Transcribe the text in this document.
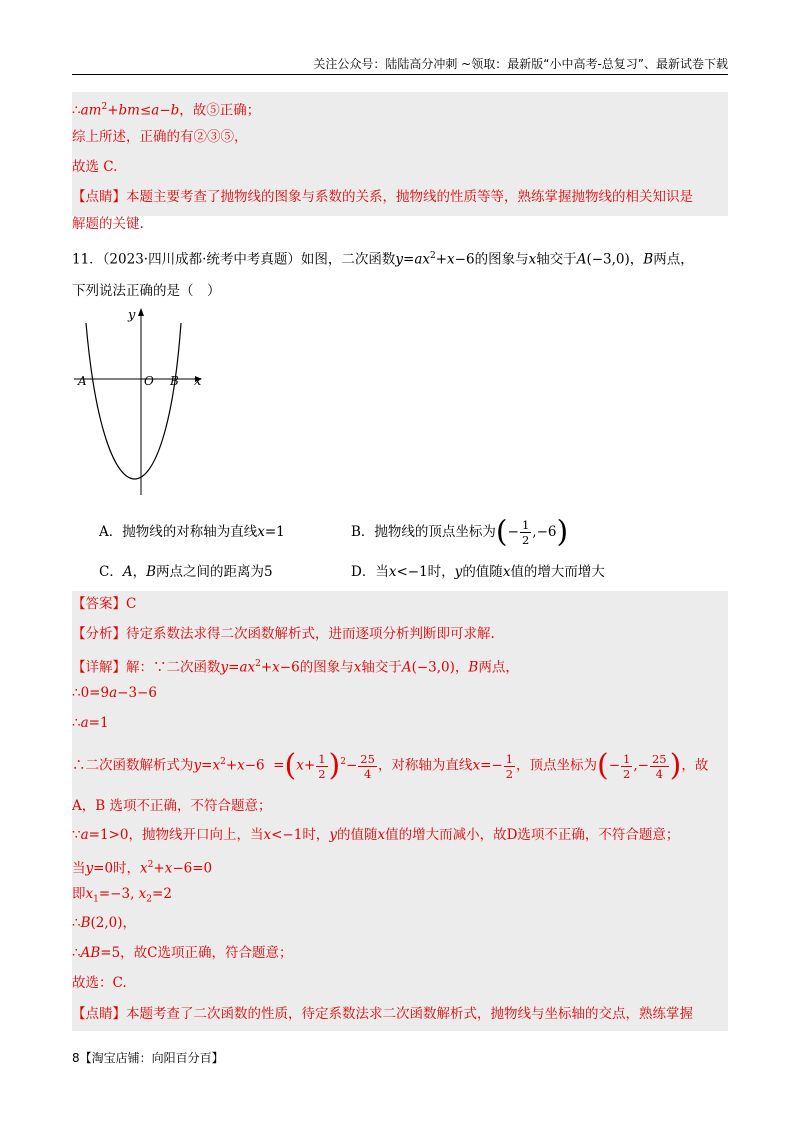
关注公众号：陆陆高分冲刺 ~领取：最新版“小中高考-总复习”、最新试卷下载
$\therefore am^2+bm\le a-b$，故⑤正确；
综上所述，正确的有②③⑤，
故选 C.
【点睛】本题主要考查了抛物线的图象与系数的关系，抛物线的性质等等，熟练掌握抛物线的相关知识是
解题的关键.
11．（2023·四川成都·统考中考真题）如图，二次函数$y=ax^2+x-6$的图象与x轴交于A(−3,0)，B两点，
下列说法正确的是（　）
y
x
A	O B
A．抛物线的对称轴为直线x=1	B．抛物线的顶点坐标为(− $\frac{1}{2} ,-6$)
C．A，B两点之间的距离为5	D．当x<−1时，y的值随x值的增大而增大
【答案】C
【分析】待定系数法求得二次函数解析式，进而逐项分析判断即可求解.
【详解】解：∵二次函数$y=ax^2+x-6$的图象与x轴交于A(−3,0)，B两点，
∴0=9a−3−6
∴a=1
∴二次函数解析式为$y=x^2+x-6 =(x+ \frac{1}{2} )^2- \frac{25}{4}$ ，对称轴为直线$x=- \frac{1}{2}$ ，顶点坐标为(− $\frac{1}{2}$ ,− $\frac{25}{4}$ )，故
A，B 选项不正确，不符合题意；
∵a=1>0，抛物线开口向上，当x<−1时，y的值随x值的增大而减小，故D选项不正确，不符合题意；
当y=0时，$x^2+x-6=0$
即$x_1=-3$, $x_2=2$
∴B(2,0)，
∴AB=5，故C选项正确，符合题意；
故选：C.
【点睛】本题考查了二次函数的性质，待定系数法求二次函数解析式，抛物线与坐标轴的交点，熟练掌握
8【淘宝店铺：向阳百分百】
